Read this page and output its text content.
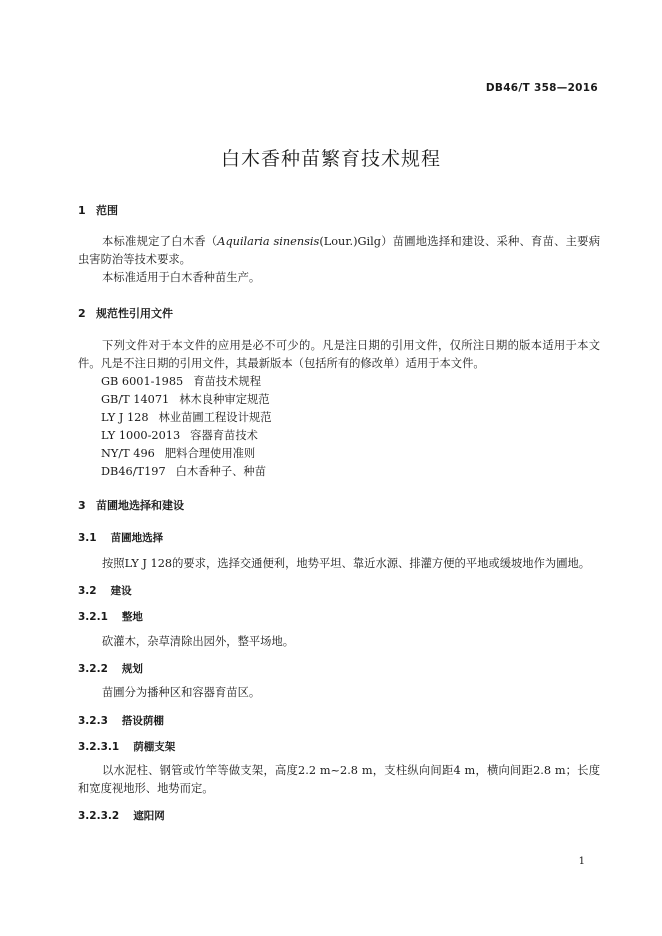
DB46/T 358—2016
白木香种苗繁育技术规程
1 范围
本标准规定了白木香（Aquilaria sinensis(Lour.)Gilg）苗圃地选择和建设、采种、育苗、主要病虫害防治等技术要求。
本标准适用于白木香种苗生产。
2 规范性引用文件
下列文件对于本文件的应用是必不可少的。凡是注日期的引用文件，仅所注日期的版本适用于本文件。凡是不注日期的引用文件，其最新版本（包括所有的修改单）适用于本文件。
GB 6001-1985 育苗技术规程
GB/T 14071 林木良种审定规范
LY J 128 林业苗圃工程设计规范
LY 1000-2013 容器育苗技术
NY/T 496 肥料合理使用准则
DB46/T197 白木香种子、种苗
3 苗圃地选择和建设
3.1 苗圃地选择
按照LY J 128的要求，选择交通便利，地势平坦、靠近水源、排灌方便的平地或缓坡地作为圃地。
3.2 建设
3.2.1 整地
砍灌木，杂草清除出园外，整平场地。
3.2.2 规划
苗圃分为播种区和容器育苗区。
3.2.3 搭设荫棚
3.2.3.1 荫棚支架
以水泥柱、钢管或竹竿等做支架，高度2.2 m~2.8 m，支柱纵向间距4 m，横向间距2.8 m；长度和宽度视地形、地势而定。
3.2.3.2 遮阳网
1
